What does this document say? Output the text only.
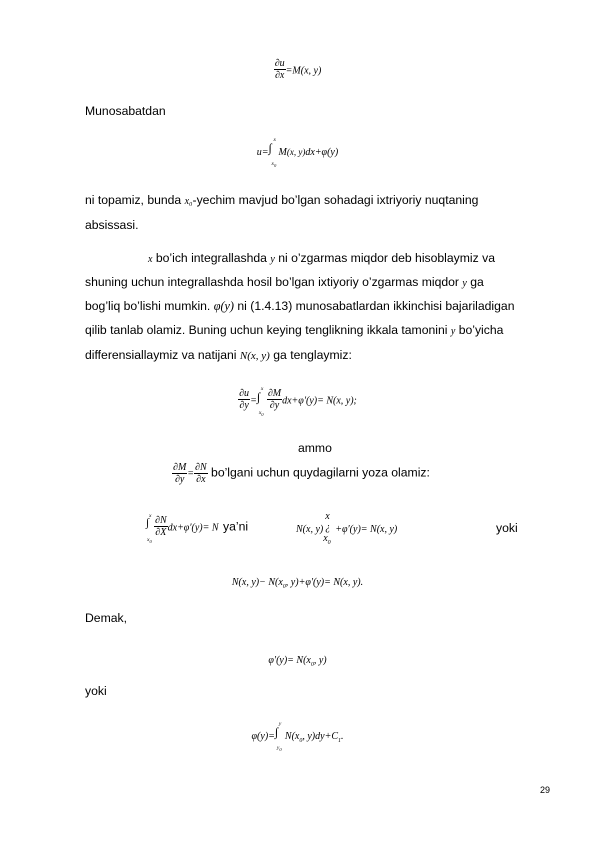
$\frac{\partial u}{\partial x} =M(x$, y)
Munosabatdan
u= ∫
x
$x_0$
M(x, y)dx+φ(y)
ni topamiz, bunda x₀-yechim mavjud bo’lgan sohadagi ixtriyoriy nuqtaning
absissasi.
x bo’ich integrallashda y ni o’zgarmas miqdor deb hisoblaymiz va
shuning uchun integrallashda hosil bo’lgan ixtiyoriy o’zgarmas miqdor y ga
bog’liq bo’lishi mumkin. φ(y) ni (1.4.13) munosabatlardan ikkinchisi bajariladigan
qilib tanlab olamiz. Buning uchun keying tenglikning ikkala tamonini y bo’yicha
differensiallaymiz va natijani N(x, y) ga tenglaymiz:
$\frac{\partial u}{\partial y}$ = ∫
x
$x_0$
$\frac{\partial M}{\partial y} dx+\varphi'(y)= N(x$, y);
ammo
$\frac{\partial M}{\partial y} = \frac{\partial N}{\partial x}$ bo’lgani uchun quydagilarni yoza olamiz:
∫
x
$x_0$
$\frac{\partial N}{\partial X} dx+\varphi'(y)= N$ ya’ni	N(x, y)
x
¿
$x_0$
+φ′(y)= N(x, y)	yoki
N(x, $y)- N(x_0$, y)+φ′(y)= N(x, y).
Demak,
$\varphi'(y)= N(x_0$, y)
yoki
φ(y)= ∫
y
$y_0$
$N(x_0$, $y)dy+C_1$.
29
